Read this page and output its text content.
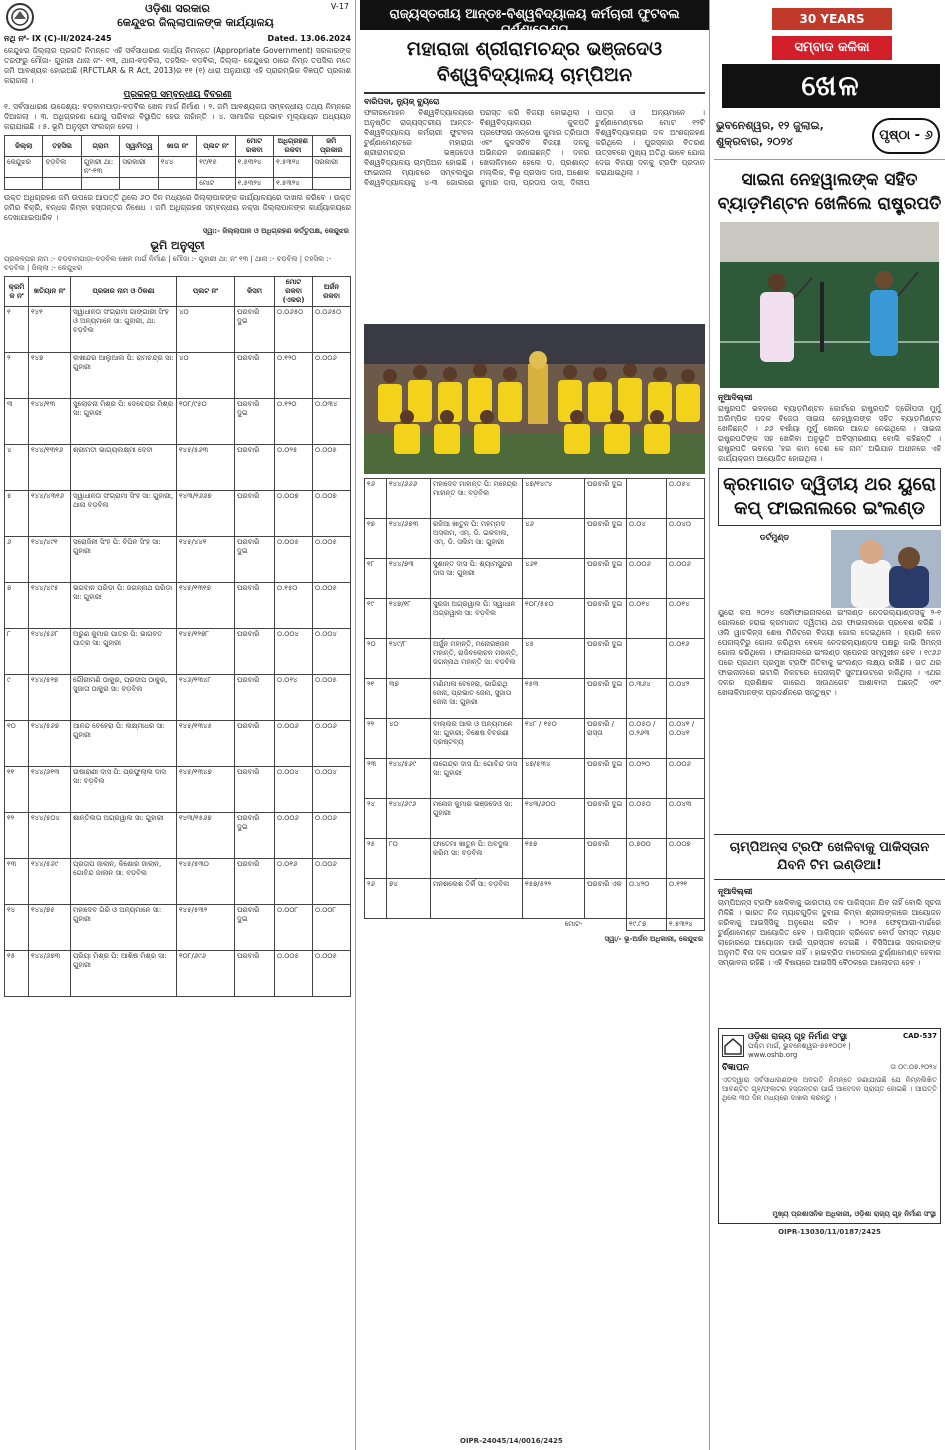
ଓଡ଼ିଶା ସରକାର
କେନ୍ଦୁଝର ଜିଲ୍ଲାପାଳଙ୍କ କାର୍ଯ୍ୟାଳୟ
V-17
ନଥି ନଂ- IX (C)-II/2024-245	Dated. 13.06.2024
କେନ୍ଦୁଝର ଜିଲ୍ଲାର ପ୍ରଗତି ନିମନ୍ତେ ଏହି ସର୍ବସାଧାରଣ କାର୍ଯ୍ୟ ନିମନ୍ତେ (Appropriate Government) ସରକାରଙ୍କ ତରଫରୁ ମୌଜା- ଗୁହାରୀ ଥାନା ନଂ- ୧୩, ଥାନା-ବଡ଼ବିଲ, ତହସିଲ- ବଡ଼ବିଲ, ଜିଲ୍ଲା- କେନ୍ଦୁଝର ଠାରେ ନିମ୍ନ ତପସିଲ ମତେ ଜମି ଆବଶ୍ୟକ ହୋଇଅଛି (RFCTLAR & R Act, 2013)ର ୧୧ (୧) ଧାରା ଅନୁଯାୟୀ ଏହି ପ୍ରାରମ୍ଭିକ ବିଜ୍ଞପ୍ତି ପ୍ରକାଶ କରାଗଲା ।
ପ୍ରକଳ୍ପ ସମ୍ବନ୍ଧୀୟ ବିବରଣୀ
୧. ସର୍ବସାଧାରଣ ଉଦ୍ଦେଶ୍ୟ: ବଡ଼ବାମପାଡ଼ା-ବଡ଼ବିଲ ଖେଳ ମାର୍ଗ ନିର୍ମାଣ । ୨. ଜମି ଆବଶ୍ୟକତା ସମ୍ବନ୍ଧୀୟ ତଥ୍ୟ ନିମ୍ନରେ ଦିଆଗଲା । ୩. ଅଧିଗ୍ରହଣ ଯୋଗୁ ପରିବାର ବିସ୍ଥାପିତ ହେଉ ନାହାଁନ୍ତି । ୪. ସାମାଜିକ ପ୍ରଭାବ ମୂଲ୍ୟାୟନ ଅଧ୍ୟୟନ କରାଯାଇଛି । ୫. ଭୂମି ଅନୁସୂଚୀ ସଂଲଗ୍ନ ହେଲା ।
ଜିଲ୍ଲା	ତହସିଲ	ଗ୍ରାମ	ସ୍ୱାମିତ୍ୱ	ଖାତା ନଂ	ପ୍ଲଟ ନଂ	ମୋଟ ରକବା	ଅଧିଗ୍ରହଣ ରକବା	ଜମି ପ୍ରକାର
କେନ୍ଦୁଝର	ବଡ଼ବିଲ	ଗୁହାରୀ ଥା: ନଂ-୧୩	ସରକାରୀ	୧୪୪	୧୯/୧୫	୧.୫୩୨୪	୧.୫୩୨୪	ସରକାରୀ
					ମୋଟ	୧.୫୩୨୪	୧.୫୩୨୪	
ଉକ୍ତ ଅଧିଗ୍ରହଣ ଜମି ଉପରେ ଆପତ୍ତି ଥିଲେ ୬୦ ଦିନ ମଧ୍ୟରେ ଜିଲ୍ଲାପାଳଙ୍କ କାର୍ଯ୍ୟାଳୟରେ ଦାଖଲ କରିବେ । ଉକ୍ତ ଜମିର ବିକ୍ରି, ବନ୍ଧକ କିମ୍ବା ହସ୍ତାନ୍ତର ନିଷେଧ । ଜମି ଅଧିଗ୍ରହଣ ସମ୍ବନ୍ଧୀୟ ନକ୍ସା ଜିଲ୍ଲାପାଳଙ୍କ କାର୍ଯ୍ୟାଳୟରେ ଦେଖାଯାଇପାରିବ ।
ସ୍ୱା:- ଜିଲ୍ଲାପାଳ ଓ ଅଧିଗ୍ରହଣ କର୍ତ୍ତୃପକ୍ଷ, କେନ୍ଦୁଝର
ଭୂମି ଅନୁସୂଚୀ
ପ୍ରକଳ୍ପର ନାମ :- ବଡ଼ବାମପାଡ଼ା-ବଡ଼ବିଲ ଖେଳ ମାର୍ଗ ନିର୍ମାଣ | ମୌଜା :- ଗୁହାରୀ ଥା: ନଂ ୧୩ | ଥାନା :- ବଡ଼ବିଲ | ତହସିଲ :- ବଡ଼ବିଲ | ଜିଲ୍ଲା :- କେନ୍ଦୁଝର
କ୍ରମିକ ନଂ	ଖତିୟାନ ନଂ	ପ୍ରଜାର ନାମ ଓ ଠିକଣା	ପ୍ଲଟ ନଂ	କିସମ	ମୋଟ ରକବା (ଏକର)	ଅର୍ଜନ ରକବା
୧	୧୪୧	ସ୍ୱାଧୀନତା ସଂଗ୍ରାମୀ ଗାଙ୍ଗାରୀ ସିଂହ ଓ ଅନ୍ୟମାନେ ସା: ଗୁହାରୀ, ଥା: ବଡ଼ବିଲ	୪୦	ଘରବାରି ଦୁଇ	୦.୦୬୫୦	୦.୦୬୫୦
୨	୧୪୭	ଲଖୀନ୍ଦର ଆଲୁଆଲ ପି: ରାମଚନ୍ଦ୍ର ସା: ଗୁହାରୀ	୪୦	ଘରବାରି	୦.୧୨୦	୦.୦୦୬
୩	୧୪୪/୧୩	ସୁଲୋଚନା ମିଶ୍ର ପି: ଦେବେନ୍ଦ୍ର ମିଶ୍ର ସା: ଗୁହାରୀ	୧୦୮/୯୫୦	ଘରବାରି ଦୁଇ	୦.୧୨୦	୦.୦୩୪
୪	୧୪୪/୧୩୧୬	ଶ୍ରୀମତୀ ଭାଗ୍ୟଲକ୍ଷ୍ମୀ ଦେବୀ	୧୪୫/୫୬୩	ଘରବାରି	୦.୦୨୫	୦.୦୦୫
୫	୧୪୪/୪୩୧୬	ସ୍ୱାଧୀନତା ସଂଗ୍ରାମୀ ସିଂହ ସା: ଗୁହାରୀ, ଥାନା ବଡ଼ବିଲ	୧୪୩/୧୬୬୭	ଘରବାରି	୦.୦୦୭	୦.୦୦୭
୬	୧୪୪/୪୯୧	ସରୋଜିନୀ ସିଂହ ପି: ବିପିନ ସିଂହ ସା: ଗୁହାରୀ	୧୪୫/୪୪୧	ଘରବାରି ଦୁଇ	୦.୦୦୫	୦.୦୦୫
୭	୧୪୪/୪୯୫	ଭଗବାନ ପରିଡ଼ା ପି: ଜଗନ୍ନାଥ ପରିଡ଼ା ସା: ଗୁହାରୀ	୧୪୫/୧୩୧୭	ଘରବାରି	୦.୧୫୦	୦.୦୦୫
୮	୧୪୪/୫୬୮	ଅରୁଣ କୁମାର ପାତ୍ର ପି: ଭାଗବତ ପାତ୍ର ସା: ଗୁହାରୀ	୧୪୫/୧୨୭୮	ଘରବାରି	୦.୦୦୪	୦.୦୦୪
୯	୧୪୪/୫୨୭	ଗୌରୀମଣି ଠାକୁର, ପ୍ରଦୀପ ଠାକୁର, ସୁଜାତା ଠାକୁର ସା: ବଡ଼ବିଲ	୧୪୬/୧୩୪୮	ଘରବାରି	୦.୦୨୪	୦.୦୦୫
୧୦	୧୪୪/୫୬୭	ଆନନ୍ଦ ବେହେରା ପି: ଲକ୍ଷ୍ମୀଧର ସା: ଗୁହାରୀ	୧୪୫/୧୩୪୫	ଘରବାରି	୦.୦୦୬	୦.୦୦୬
୧୧	୧୪୪/୬୧୩	ଉଷାରାଣୀ ଦାସ ପି: ପ୍ରଫୁଲ୍ଲ ଦାସ ସା: ବଡ଼ବିଲ	୧୪୫/୧୩୪୭	ଘରବାରି	୦.୦୦୪	୦.୦୦୪
୧୨	୧୪୪/୫୦୪	ଶାନ୍ତିଲତା ଅଗ୍ରୱାଲ ସା: ଗୁହାରୀ	୧୪୩/୧୫୬୭	ଘରବାରି ଦୁଇ	୦.୦୦୬	୦.୦୦୬
୧୩	୧୪୪/୫୬୯	ପ୍ରତାପ ଜାଲାନ, କିଶୋର ଜାଲାନ, ଗୋବିନ୍ଦ ଜାଲାନ ସା: ବଡ଼ବିଲ	୧୪୫/୫୩୦	ଘରବାରି	୦.୦୧୬	୦.୦୦୬
୧୪	୧୪୪/୭୫	ମହାଦେବ ଗିରି ଓ ଅନ୍ୟମାନେ ସା: ଗୁହାରୀ	୧୪୫/୫୩୨	ଘରବାରି ଦୁଇ	୦.୦୦୮	୦.୦୦୮
୧୫	୧୪୪/୬୭୩	ପ୍ରିୟା ମିଶ୍ର ପି: ଆଶିଷ ମିଶ୍ର ସା: ଗୁହାରୀ	୧୦୮/୬୯୬	ଘରବାରି	୦.୦୦୫	୦.୦୦୫
ରାଜ୍ୟସ୍ତରୀୟ ଆନ୍ତଃ-ବିଶ୍ୱବିଦ୍ୟାଳୟ କର୍ମଚାରୀ ଫୁଟବଲ ଟୁର୍ଣ୍ଣାମେଣ୍ଟ
ମହାରାଜା ଶ୍ରୀରାମଚନ୍ଦ୍ର ଭଞ୍ଜଦେଓ ବିଶ୍ୱବିଦ୍ୟାଳୟ ଚାମ୍ପିଅନ
ବାରିପଦା, ନ୍ୟୁଜ୍ ବ୍ୟୁରୋ
ଫକୀରମୋହନ ବିଶ୍ୱବିଦ୍ୟାଳୟରେ ଅନୁଷ୍ଠିତ ରାଜ୍ୟସ୍ତରୀୟ ଆନ୍ତଃ-ବିଶ୍ୱବିଦ୍ୟାଳୟ କର୍ମଚାରୀ ଫୁଟବଲ ଟୁର୍ଣ୍ଣାମେଣ୍ଟରେ ମହାରାଜା ଶ୍ରୀରାମଚନ୍ଦ୍ର ଭଞ୍ଜଦେଓ ବିଶ୍ୱବିଦ୍ୟାଳୟ ଚାମ୍ପିଅନ ହୋଇଛି । ଫାଇନାଲ ମ୍ୟାଚରେ ସମ୍ବଲପୁର ବିଶ୍ୱବିଦ୍ୟାଳୟକୁ ୪-୩ ଗୋଲରେ ପରାସ୍ତ କରି ବିଜୟୀ ହୋଇଥିଲା । ବିଶ୍ୱବିଦ୍ୟାଳୟର କୁଳପତି ପ୍ରଫେସର ସନ୍ତୋଷ କୁମାର ତ୍ରିପାଠୀ ଏବଂ କୁଳସଚିବ ବିଜୟୀ ଦଳକୁ ଅଭିନନ୍ଦନ ଜଣାଇଛନ୍ତି । ଦଳର ଖେଳାଳିମାନେ ହେଲେ ଡ. ପ୍ରଶାନ୍ତ ମଲ୍ଲିକ, ବିଭୂ ପ୍ରସାଦ ଦାସ, ଅଶୋକ କୁମାର ଦାସ, ପ୍ରତାପ ଦାସ, ଦିଲୀପ ପାତ୍ର ଓ ଅନ୍ୟମାନେ । ଟୁର୍ଣ୍ଣାମେଣ୍ଟରେ ମୋଟ ୧୨ଟି ବିଶ୍ୱବିଦ୍ୟାଳୟର ଦଳ ଅଂଶଗ୍ରହଣ କରିଥିଲେ । ପୁରସ୍କାର ବିତରଣ ଉତ୍ସବରେ ମୁଖ୍ୟ ଅତିଥି ଭାବେ ଯୋଗ ଦେଇ ବିଜୟୀ ଦଳକୁ ଟ୍ରଫି ପ୍ରଦାନ କରାଯାଇଥିଲା ।
୧୬	୧୪୪/୬୬୬	ମହାଦେବ ମାହାନ୍ତ ପି: ମହେନ୍ଦ୍ର ମାହାନ୍ତ ସା: ବଡ଼ବିଲ	୪୭/୧୪୯୪	ଘରବାରି ଦୁଇ		୦.୦୫୪
୧୭	୧୪୪/୬୭୩	ରଜିଆ ଖାତୁନ ପି: ମହମ୍ମଦ ଅସଲମ, ଏମ୍. ଡି. ଇକବାଲ, ଏମ୍. ଡି. ସଲିମ ସା: ଗୁହାରୀ	୪୬	ଘରବାରି ଦୁଇ	୦.୦୪	୦.୦୪୦
୧୮	୧୪୪/୭୩	ସୁଶାନ୍ତ ଦାସ ପି: ଶ୍ୟାମସୁନ୍ଦର ଦାସ ସା: ଗୁହାରୀ	୪୬୧	ଘରବାରି ଦୁଇ	୦.୦୦୬	୦.୦୦୬
୧୯	୧୪୭/୧୮	ସୁରଜା ଅଗ୍ରୱାଲ ପି: ସ୍ୱାଧୀନ ଅଗ୍ରୱାଲ ସା: ବଡ଼ବିଲ	୧୦୮/୫୫୦	ଘରବାରି ଦୁଇ	୦.୦୧୪	୦.୦୧୪
୨୦	୧୪୯/୮	ଅର୍ଜୁନ ମହାନ୍ତି, ମନୋରଞ୍ଜନ ମହାନ୍ତି, ରାଜିବଲୋଚନ ମହାନ୍ତି, ଜଗନ୍ନାଥ ମହାନ୍ତି ସା: ବଡ଼ବିଲ	୪୫	ଘରବାରି ଦୁଇ		୦.୦୧୬
୨୧	୩୭	ମଣିମାଳା ବେହେରା, ଭାଗିରଥି ଜେନା, ପ୍ରଭାତ ଜେନା, ସୁଜାତା ଜେନା ସା: ଗୁହାରୀ	୧୫୩	ଘରବାରି ଦୁଇ	୦.୩୬୪	୦.୦୪୨
୨୨	୪୦	ବାଲ୍ଲର ଆଲ ଓ ଅନ୍ୟମାନେ ସା: ଗୁହାରୀ; ବିଶେଷ ବିବରଣୀ ଦ୍ରଷ୍ଟବ୍ୟ	୧୪୮ / ୧୫୦	ଘରବାରି / ରାସ୍ତା	୦.୦୫୦ / ୦.୨୬୩	୦.୦୪୧ / ୦.୦୪୧
୨୩	୧୪୪/୫୬୯	ନାଗେନ୍ଦ୍ର ଦାସ ପି: ଗୋବିନ୍ଦ ଦାସ ସା: ଗୁହାରୀ	୪୭/୫୩୪	ଘରବାରି ଦୁଇ	୦.୦୨୦	୦.୦୦୬
୨୪	୧୪୪/୬୯୬	ମନୋଜ କୁମାର ଭଞ୍ଜଦେଓ ସା: ଗୁହାରୀ	୧୪୩/୬୦୦	ଘରବାରି ଦୁଇ	୦.୦୫୦	୦.୦୪୩
୨୫	୮୦	ଫାତେମା ଖାତୁନ ପି: ଅବଦୁଲ କରିମ ସା: ବଡ଼ବିଲ	୧୫୭	ଘରବାରି	୦.୭୦୦	୦.୦୦୭
୨୬	୭୪	ମନଶଲେଶ ତିର୍କି ସା: ବଡ଼ବିଲ	୧୫୭/୫୨୨	ଘରବାରି ଏକ	୦.୪୨୦	୦.୧୨୧
ମୋଟ-					୧୯.୮୭	୧.୫୩୨୪
ସ୍ୱା/- ଭୂ-ଅର୍ଜନ ଅଧିକାରୀ, କେନ୍ଦୁଝର
OIPR-24045/14/0016/2425
30 YEARS
ସମ୍ବାଦ କଳିକା
ଖେଳ
ଭୁବନେଶ୍ୱର, ୧୨ ଜୁଲାଇ, ଶୁକ୍ରବାର, ୨୦୨୪	ପୃଷ୍ଠା - ୬
ସାଇନା ନେହୱାଲଙ୍କ ସହିତ ବ୍ୟାଡ଼ମିଣ୍ଟନ ଖେଳିଲେ ରାଷ୍ଟ୍ରପତି
ନୂଆଦିଲ୍ଲୀ
ରାଷ୍ଟ୍ରପତି ଭବନରେ ବ୍ୟାଡ଼ମିଣ୍ଟନ କୋର୍ଟରେ ରାଷ୍ଟ୍ରପତି ଦ୍ରୌପଦୀ ମୁର୍ମୁ ଅଲିମ୍ପିକ ପଦକ ବିଜେତା ସାଇନା ନେହୱାଲଙ୍କ ସହିତ ବ୍ୟାଡ଼ମିଣ୍ଟନ ଖେଳିଛନ୍ତି । ୬୬ ବର୍ଷୀୟା ମୁର୍ମୁ ଖେଳର ଆନନ୍ଦ ନେଇଥିଲେ । ସାଇନା ରାଷ୍ଟ୍ରପତିଙ୍କ ସହ ଖେଳିବା ଅନୁଭୂତି ଅବିସ୍ମରଣୀୟ ବୋଲି କହିଛନ୍ତି । ରାଷ୍ଟ୍ରପତି ଭବନର 'ହର କାମ ଦେଶ କେ ନାମ' ଅଭିଯାନ ଅଧୀନରେ ଏହି କାର୍ଯ୍ୟକ୍ରମ ଆୟୋଜିତ ହୋଇଥିଲା ।
କ୍ରମାଗତ ଦ୍ୱିତୀୟ ଥର ୟୁରୋ କପ୍ ଫାଇନାଲରେ ଇଂଲଣ୍ଡ
ଡର୍ଟମୁଣ୍ଡ
ୟୁରୋ କପ ୨୦୨୪ ସେମିଫାଇନାଲରେ ଇଂଲଣ୍ଡ ନେଦରଲ୍ୟାଣ୍ଡସକୁ ୨-୧ ଗୋଲରେ ହରାଇ କ୍ରମାଗତ ଦ୍ୱିତୀୟ ଥର ଫାଇନାଲରେ ପ୍ରବେଶ କରିଛି । ଓଲି ୱାଟକିନ୍ସ ଶେଷ ମିନିଟରେ ବିଜୟୀ ଗୋଲ ଦେଇଥିଲେ । ହ୍ୟାରି କେନ ପେନାଲ୍ଟିରୁ ଗୋଲ କରିଥିବା ବେଳେ ନେଦରଲ୍ୟାଣ୍ଡସ ପକ୍ଷରୁ ଜାଭି ସିମନ୍ସ ଗୋଲ କରିଥିଲେ । ଫାଇନାଲରେ ଇଂଲଣ୍ଡ ସ୍ପେନର ସମ୍ମୁଖୀନ ହେବ । ୧୯୬୬ ପରେ ପ୍ରଥମ ପ୍ରମୁଖ ଟ୍ରଫି ଜିତିବାକୁ ଇଂଲଣ୍ଡ ଲକ୍ଷ୍ୟ ରଖିଛି । ଗତ ଥର ଫାଇନାଲରେ ଇଟାଲି ନିକଟରେ ପେନାଲ୍ଟି ସୁଟଆଉଟରେ ହାରିଥିଲା । ଏଥର ଦଳର ପ୍ରଶିକ୍ଷକ ଗାରେଥ ସାଉଥଗେଟ ଆଶାବାଦୀ ଅଛନ୍ତି ଏବଂ ଖେଳାଳିମାନଙ୍କ ପ୍ରଦର୍ଶନରେ ସନ୍ତୁଷ୍ଟ ।
ଚାମ୍ପିଅନ୍ସ ଟ୍ରଫି ଖେଳିବାକୁ ପାକିସ୍ତାନ ଯିବନି ଟିମ ଇଣ୍ଡିଆ!
ନୂଆଦିଲ୍ଲୀ
ଚାମ୍ପିଅନ୍ସ ଟ୍ରଫି ଖେଳିବାକୁ ଭାରତୀୟ ଦଳ ପାକିସ୍ତାନ ଯିବ ନାହିଁ ବୋଲି ସୂଚନା ମିଳିଛି । ଭାରତ ନିଜ ମ୍ୟାଚଗୁଡ଼ିକ ଦୁବାଇ କିମ୍ବା ଶ୍ରୀଲଙ୍କାରେ ଆୟୋଜନ କରିବାକୁ ଆଇସିସିକୁ ଅନୁରୋଧ କରିବ । ୨୦୨୫ ଫେବୃଆରୀ-ମାର୍ଚ୍ଚରେ ଟୁର୍ଣ୍ଣାମେଣ୍ଟ ଆୟୋଜିତ ହେବ । ପାକିସ୍ତାନ କ୍ରିକେଟ ବୋର୍ଡ ସମସ୍ତ ମ୍ୟାଚ ଲାହୋରରେ ଆୟୋଜନ ପାଇଁ ପ୍ରସ୍ତାବ ଦେଇଛି । ବିସିସିଆଇ ସରକାରଙ୍କ ଅନୁମତି ବିନା ଦଳ ପଠାଇବ ନାହିଁ । ହାଇବ୍ରିଡ ମଡେଲରେ ଟୁର୍ଣ୍ଣାମେଣ୍ଟ ହେବାର ସମ୍ଭାବନା ରହିଛି । ଏହି ବିଷୟରେ ଆଇସିସି ବୈଠକରେ ଆଲୋଚନା ହେବ ।
ଓଡ଼ିଶା ରାଜ୍ୟ ଗୃହ ନିର୍ମାଣ ସଂସ୍ଥା
ପଶ୍ଚିମ ମାର୍ଗ, ଭୁବନେଶ୍ୱର-୭୫୧୦୦୧ | www.oshb.org
CAD-537
ବିଜ୍ଞାପନ	ତା ୦୯.୦୭.୨୦୨୪
ଏତଦ୍ୱାରା ସର୍ବସାଧାରଣଙ୍କ ଅବଗତି ନିମନ୍ତେ ଜଣାଯାଉଛି ଯେ ନିମ୍ନଲିଖିତ ଆବଣ୍ଟିତ ଗୃହ/ଫ୍ଲାଟର ହସ୍ତାନ୍ତର ପାଇଁ ଆବେଦନ ପ୍ରାପ୍ତ ହୋଇଛି । ଆପତ୍ତି ଥିଲେ ୩୦ ଦିନ ମଧ୍ୟରେ ଦାଖଲ କରନ୍ତୁ ।
ମୁଖ୍ୟ ପ୍ରଶାସନିକ ଅଧିକାରୀ, ଓଡ଼ିଶା ରାଜ୍ୟ ଗୃହ ନିର୍ମାଣ ସଂସ୍ଥା
OIPR-13030/11/0187/2425
